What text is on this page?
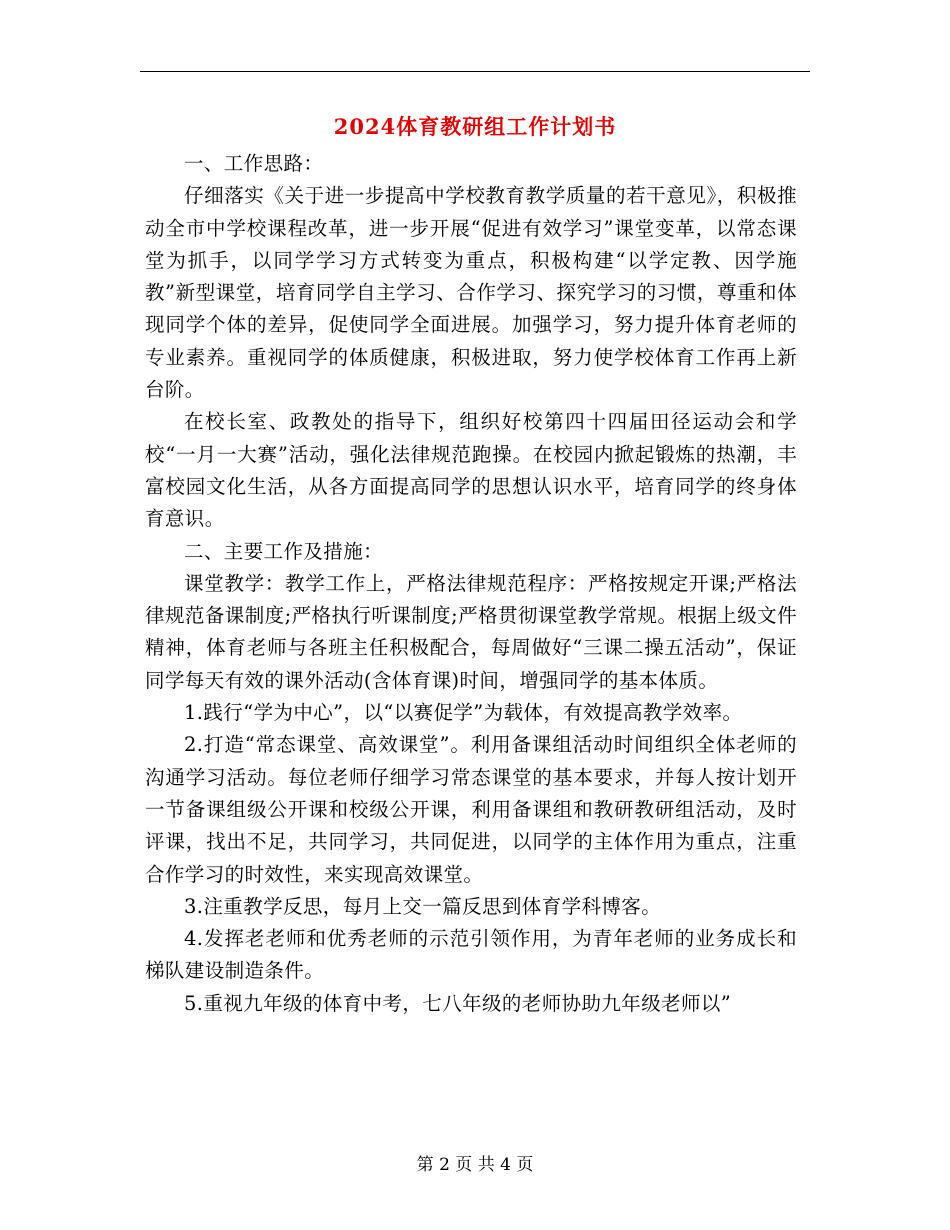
2024体育教研组工作计划书

一、工作思路：

仔细落实《关于进一步提高中学校教育教学质量的若干意见》，积极推动全市中学校课程改革，进一步开展“促进有效学习”课堂变革，以常态课堂为抓手，以同学学习方式转变为重点，积极构建“以学定教、因学施教”新型课堂，培育同学自主学习、合作学习、探究学习的习惯，尊重和体现同学个体的差异，促使同学全面进展。加强学习，努力提升体育老师的专业素养。重视同学的体质健康，积极进取，努力使学校体育工作再上新台阶。

在校长室、政教处的指导下，组织好校第四十四届田径运动会和学校“一月一大赛”活动，强化法律规范跑操。在校园内掀起锻炼的热潮，丰富校园文化生活，从各方面提高同学的思想认识水平，培育同学的终身体育意识。

二、主要工作及措施：

课堂教学：教学工作上，严格法律规范程序：严格按规定开课;严格法律规范备课制度;严格执行听课制度;严格贯彻课堂教学常规。根据上级文件精神，体育老师与各班主任积极配合，每周做好“三课二操五活动”，保证同学每天有效的课外活动(含体育课)时间，增强同学的基本体质。

1.践行“学为中心”，以“以赛促学”为载体，有效提高教学效率。

2.打造“常态课堂、高效课堂”。利用备课组活动时间组织全体老师的沟通学习活动。每位老师仔细学习常态课堂的基本要求，并每人按计划开一节备课组级公开课和校级公开课，利用备课组和教研教研组活动，及时评课，找出不足，共同学习，共同促进，以同学的主体作用为重点，注重合作学习的时效性，来实现高效课堂。

3.注重教学反思，每月上交一篇反思到体育学科博客。

4.发挥老老师和优秀老师的示范引领作用，为青年老师的业务成长和梯队建设制造条件。

5.重视九年级的体育中考，七八年级的老师协助九年级老师以”

第 2 页 共 4 页
